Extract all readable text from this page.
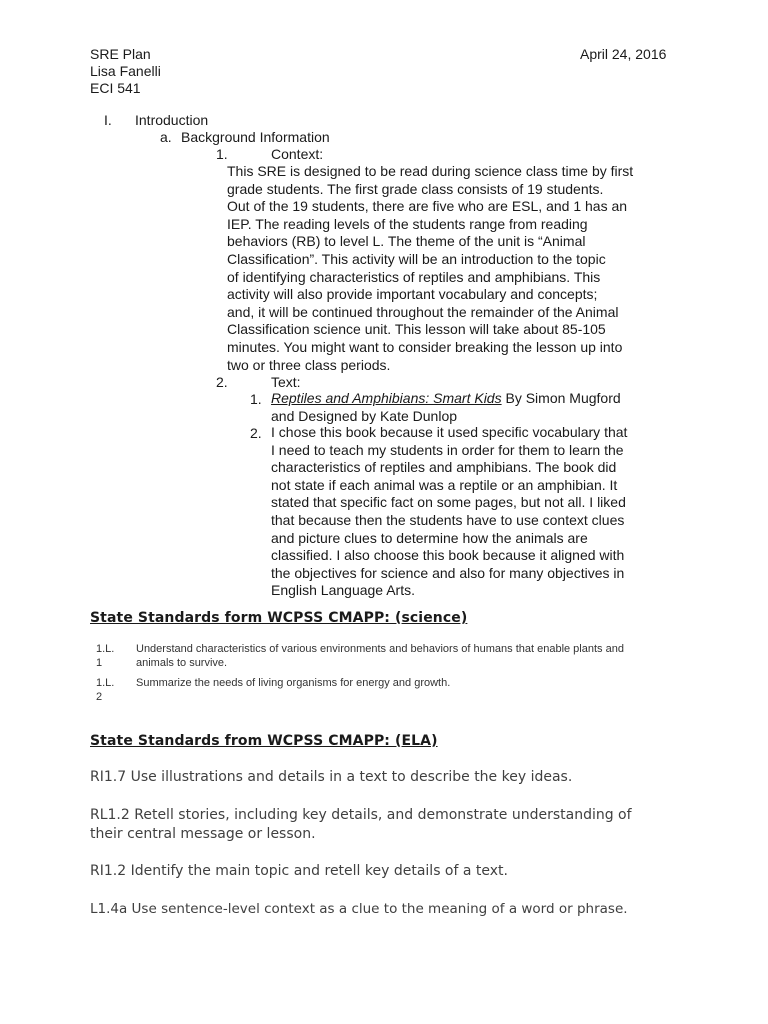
SRE Plan
Lisa Fanelli
ECI 541
April 24, 2016
I. Introduction
a. Background Information
1.	Context:
This SRE is designed to be read during science class time by first
grade students. The first grade class consists of 19 students.
Out of the 19 students, there are five who are ESL, and 1 has an
IEP. The reading levels of the students range from reading
behaviors (RB) to level L. The theme of the unit is “Animal
Classification”. This activity will be an introduction to the topic
of identifying characteristics of reptiles and amphibians. This
activity will also provide important vocabulary and concepts;
and, it will be continued throughout the remainder of the Animal
Classification science unit. This lesson will take about 85-105
minutes. You might want to consider breaking the lesson up into
two or three class periods.
2.	Text:
1. Reptiles and Amphibians: Smart Kids By Simon Mugford
and Designed by Kate Dunlop
2. I chose this book because it used specific vocabulary that
I need to teach my students in order for them to learn the
characteristics of reptiles and amphibians. The book did
not state if each animal was a reptile or an amphibian. It
stated that specific fact on some pages, but not all. I liked
that because then the students have to use context clues
and picture clues to determine how the animals are
classified. I also choose this book because it aligned with
the objectives for science and also for many objectives in
English Language Arts.
State Standards form WCPSS CMAPP: (science)
1.L.
1
Understand characteristics of various environments and behaviors of humans that enable plants and
animals to survive.
1.L.
2
Summarize the needs of living organisms for energy and growth.
State Standards from WCPSS CMAPP: (ELA)
RI1.7 Use illustrations and details in a text to describe the key ideas.
RL1.2 Retell stories, including key details, and demonstrate understanding of
their central message or lesson.
RI1.2 Identify the main topic and retell key details of a text.
L1.4a Use sentence-level context as a clue to the meaning of a word or phrase.
